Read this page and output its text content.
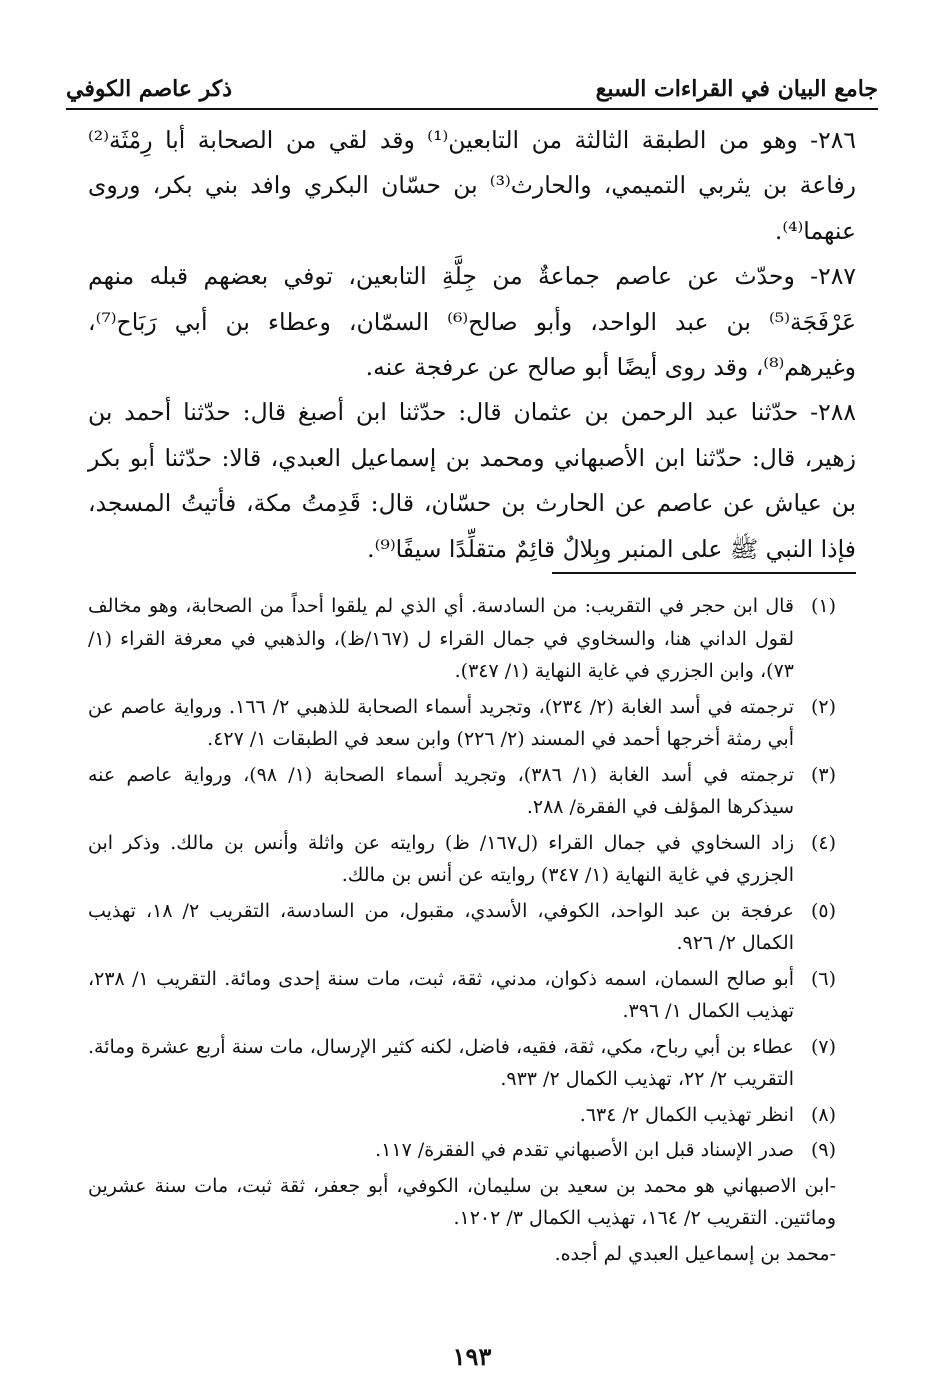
جامع البيان في القراءات السبع
ذكر عاصم الكوفي

٢٨٦- وهو من الطبقة الثالثة من التابعين⁽¹⁾ وقد لقي من الصحابة أبا رِمْثَة⁽²⁾ رفاعة بن يثربي التميمي، والحارث⁽³⁾ بن حسّان البكري وافد بني بكر، وروى عنهما⁽⁴⁾.

٢٨٧- وحدّث عن عاصم جماعةٌ من جِلَّةِ التابعين، توفي بعضهم قبله منهم عَرْفَجَة⁽⁵⁾ بن عبد الواحد، وأبو صالح⁽⁶⁾ السمّان، وعطاء بن أبي رَبَاح⁽⁷⁾، وغيرهم⁽⁸⁾، وقد روى أيضًا أبو صالح عن عرفجة عنه.

٢٨٨- حدّثنا عبد الرحمن بن عثمان قال: حدّثنا ابن أصبغ قال: حدّثنا أحمد بن زهير، قال: حدّثنا ابن الأصبهاني ومحمد بن إسماعيل العبدي، قالا: حدّثنا أبو بكر بن عياش عن عاصم عن الحارث بن حسّان، قال: قَدِمتُ مكة، فأتيتُ المسجد، فإذا النبي ﷺ على المنبر وبِلالٌ قائِمٌ متقلِّدًا سيفًا⁽⁹⁾.

(١)
قال ابن حجر في التقريب: من السادسة. أي الذي لم يلقوا أحداً من الصحابة، وهو مخالف لقول الداني هنا، والسخاوي في جمال القراء ل (١٦٧/ظ)، والذهبي في معرفة القراء (١/ ٧٣)، وابن الجزري في غاية النهاية (١/ ٣٤٧).
(٢)
ترجمته في أسد الغابة (٢/ ٢٣٤)، وتجريد أسماء الصحابة للذهبي ٢/ ١٦٦. ورواية عاصم عن أبي رمثة أخرجها أحمد في المسند (٢/ ٢٢٦) وابن سعد في الطبقات ١/ ٤٢٧.
(٣)
ترجمته في أسد الغابة (١/ ٣٨٦)، وتجريد أسماء الصحابة (١/ ٩٨)، ورواية عاصم عنه سيذكرها المؤلف في الفقرة/ ٢٨٨.
(٤)
زاد السخاوي في جمال القراء (ل١٦٧/ ظ) روايته عن واثلة وأنس بن مالك. وذكر ابن الجزري في غاية النهاية (١/ ٣٤٧) روايته عن أنس بن مالك.
(٥)
عرفجة بن عبد الواحد، الكوفي، الأسدي، مقبول، من السادسة، التقريب ٢/ ١٨، تهذيب الكمال ٢/ ٩٢٦.
(٦)
أبو صالح السمان، اسمه ذكوان، مدني، ثقة، ثبت، مات سنة إحدى ومائة. التقريب ١/ ٢٣٨، تهذيب الكمال ١/ ٣٩٦.
(٧)
عطاء بن أبي رباح، مكي، ثقة، فقيه، فاضل، لكنه كثير الإرسال، مات سنة أربع عشرة ومائة. التقريب ٢/ ٢٢، تهذيب الكمال ٢/ ٩٣٣.
(٨)
انظر تهذيب الكمال ٢/ ٦٣٤.
(٩)
صدر الإسناد قبل ابن الأصبهاني تقدم في الفقرة/ ١١٧.
-ابن الاصبهاني هو محمد بن سعيد بن سليمان، الكوفي، أبو جعفر، ثقة ثبت، مات سنة عشرين ومائتين. التقريب ٢/ ١٦٤، تهذيب الكمال ٣/ ١٢٠٢.
-محمد بن إسماعيل العبدي لم أجده.
١٩٣
